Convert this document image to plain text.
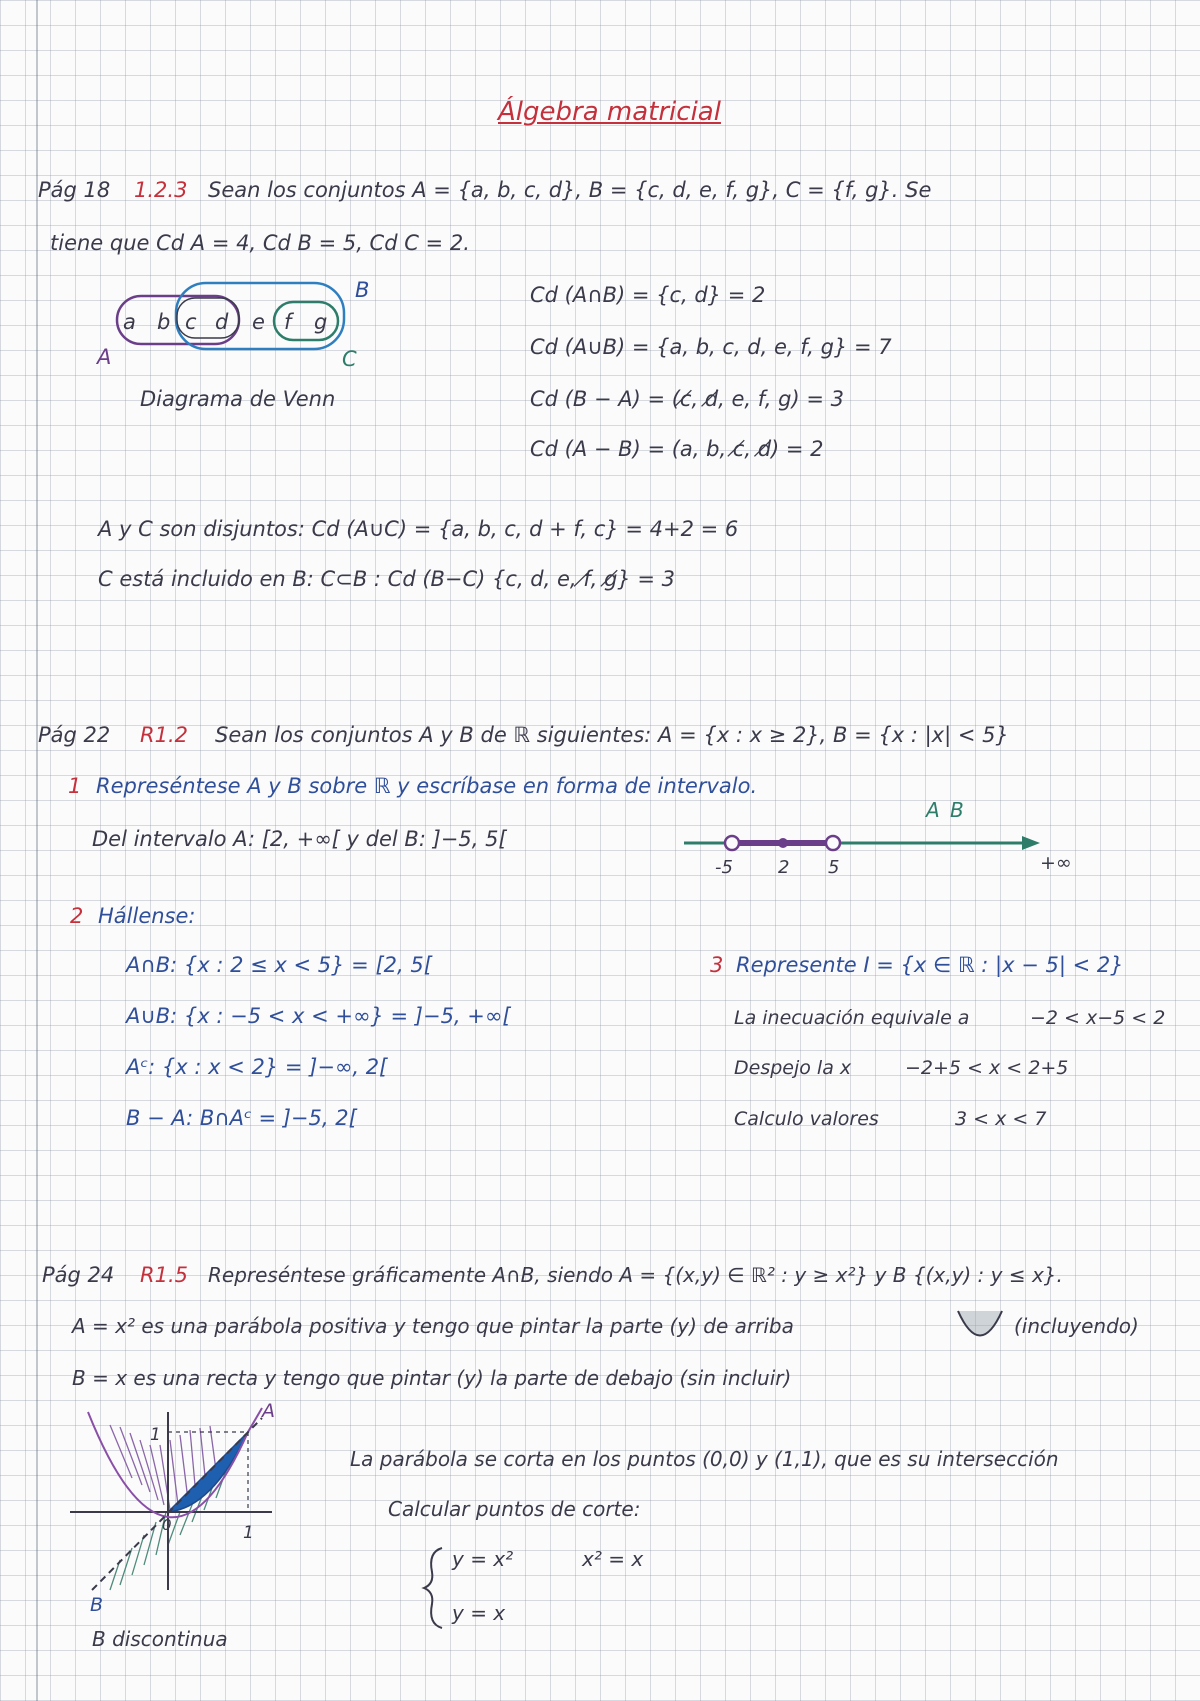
Álgebra matricial
Pág 18 1.2.3 Sean los conjuntos A = {a, b, c, d}, B = {c, d, e, f, g}, C = {f, g}. Se
tiene que Cd A = 4, Cd B = 5, Cd C = 2.
a b c d e f g
A
B
C
Diagrama de Venn
Cd (A∩B) = {c, d} = 2
Cd (A∪B) = {a, b, c, d, e, f, g} = 7
Cd (B − A) = (c̸, d̸, e, f, g) = 3
Cd (A − B) = (a, b, c̸, d̸) = 2
A y C son disjuntos: Cd (A∪C) = {a, b, c, d + f, c} = 4+2 = 6
C está incluido en B: C⊂B : Cd (B−C) {c, d, e, f̸, g̸} = 3
Pág 22 R1.2 Sean los conjuntos A y B de ℝ siguientes: A = {x : x ≥ 2}, B = {x : |x| < 5}
1 Represéntese A y B sobre ℝ y escríbase en forma de intervalo.
Del intervalo A: [2, +∞[ y del B: ]−5, 5[
A B
-5	2 5	+∞
2 Hállense:
A∩B: {x : 2 ≤ x < 5} = [2, 5[
A∪B: {x : −5 < x < +∞} = ]−5, +∞[
Aᶜ: {x : x < 2} = ]−∞, 2[
B − A: B∩Aᶜ = ]−5, 2[
3 Represente I = {x ∈ ℝ : |x − 5| < 2}
La inecuación equivale a	−2 < x−5 < 2
Despejo la x	−2+5 < x < 2+5
Calculo valores	3 < x < 7
Pág 24 R1.5 Represéntese gráficamente A∩B, siendo A = {(x,y) ∈ ℝ² : y ≥ x²} y B {(x,y) : y ≤ x}.
A = x² es una parábola positiva y tengo que pintar la parte (y) de arriba	(incluyendo)
B = x es una recta y tengo que pintar (y) la parte de debajo (sin incluir)
A
B
1
1
0
B discontinua
La parábola se corta en los puntos (0,0) y (1,1), que es su intersección
Calcular puntos de corte:
y = x²
y = x
x² = x
